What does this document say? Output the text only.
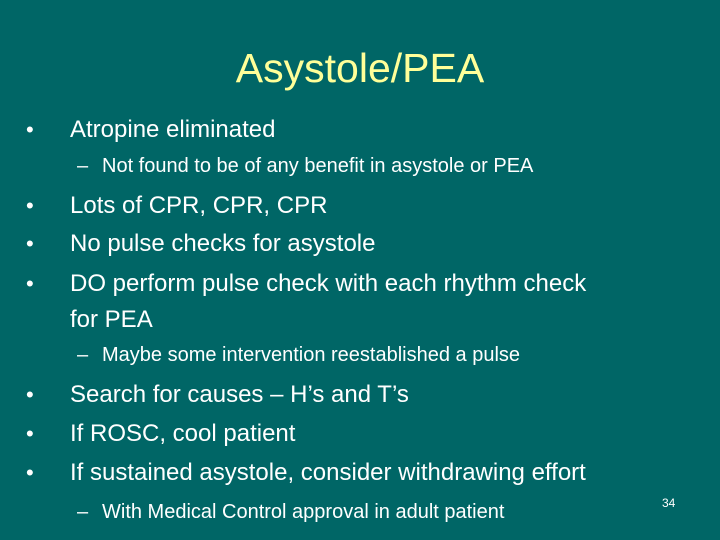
Asystole/PEA
• Atropine eliminated
– Not found to be of any benefit in asystole or PEA
• Lots of CPR, CPR, CPR
• No pulse checks for asystole
• DO perform pulse check with each rhythm check
for PEA
– Maybe some intervention reestablished a pulse
• Search for causes – H’s and T’s
• If ROSC, cool patient
• If sustained asystole, consider withdrawing effort
– With Medical Control approval in adult patient	34
